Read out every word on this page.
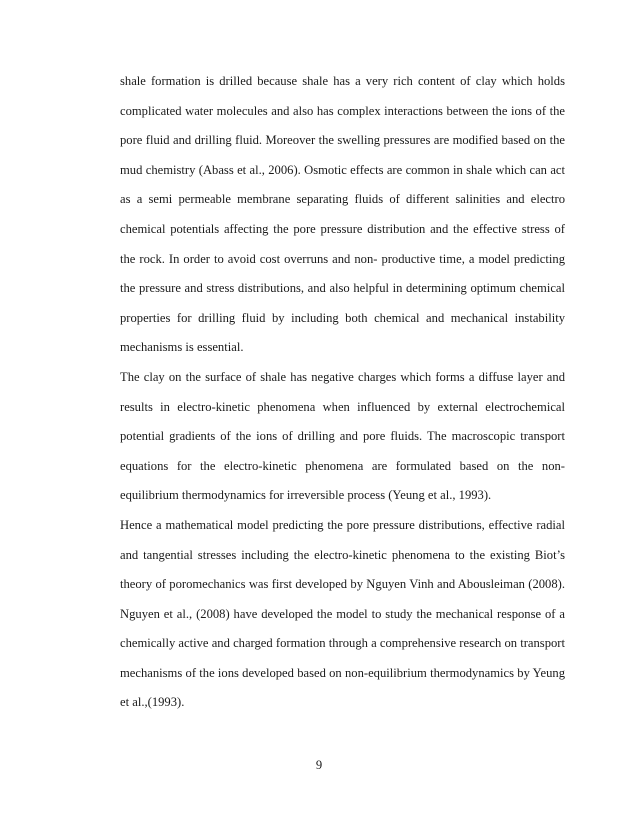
shale formation is drilled because shale has a very rich content of clay which holds complicated water molecules and also has complex interactions between the ions of the pore fluid and drilling fluid. Moreover the swelling pressures are modified based on the mud chemistry (Abass et al., 2006). Osmotic effects are common in shale which can act as a semi permeable membrane separating fluids of different salinities and electro chemical potentials affecting the pore pressure distribution and the effective stress of the rock. In order to avoid cost overruns and non- productive time, a model predicting the pressure and stress distributions, and also helpful in determining optimum chemical properties for drilling fluid by including both chemical and mechanical instability mechanisms is essential.

The clay on the surface of shale has negative charges which forms a diffuse layer and results in electro-kinetic phenomena when influenced by external electrochemical potential gradients of the ions of drilling and pore fluids. The macroscopic transport equations for the electro-kinetic phenomena are formulated based on the non-equilibrium thermodynamics for irreversible process (Yeung et al., 1993).

Hence a mathematical model predicting the pore pressure distributions, effective radial and tangential stresses including the electro-kinetic phenomena to the existing Biot’s theory of poromechanics was first developed by Nguyen Vinh and Abousleiman (2008). Nguyen et al., (2008) have developed the model to study the mechanical response of a chemically active and charged formation through a comprehensive research on transport mechanisms of the ions developed based on non-equilibrium thermodynamics by Yeung et al.,(1993).

9
